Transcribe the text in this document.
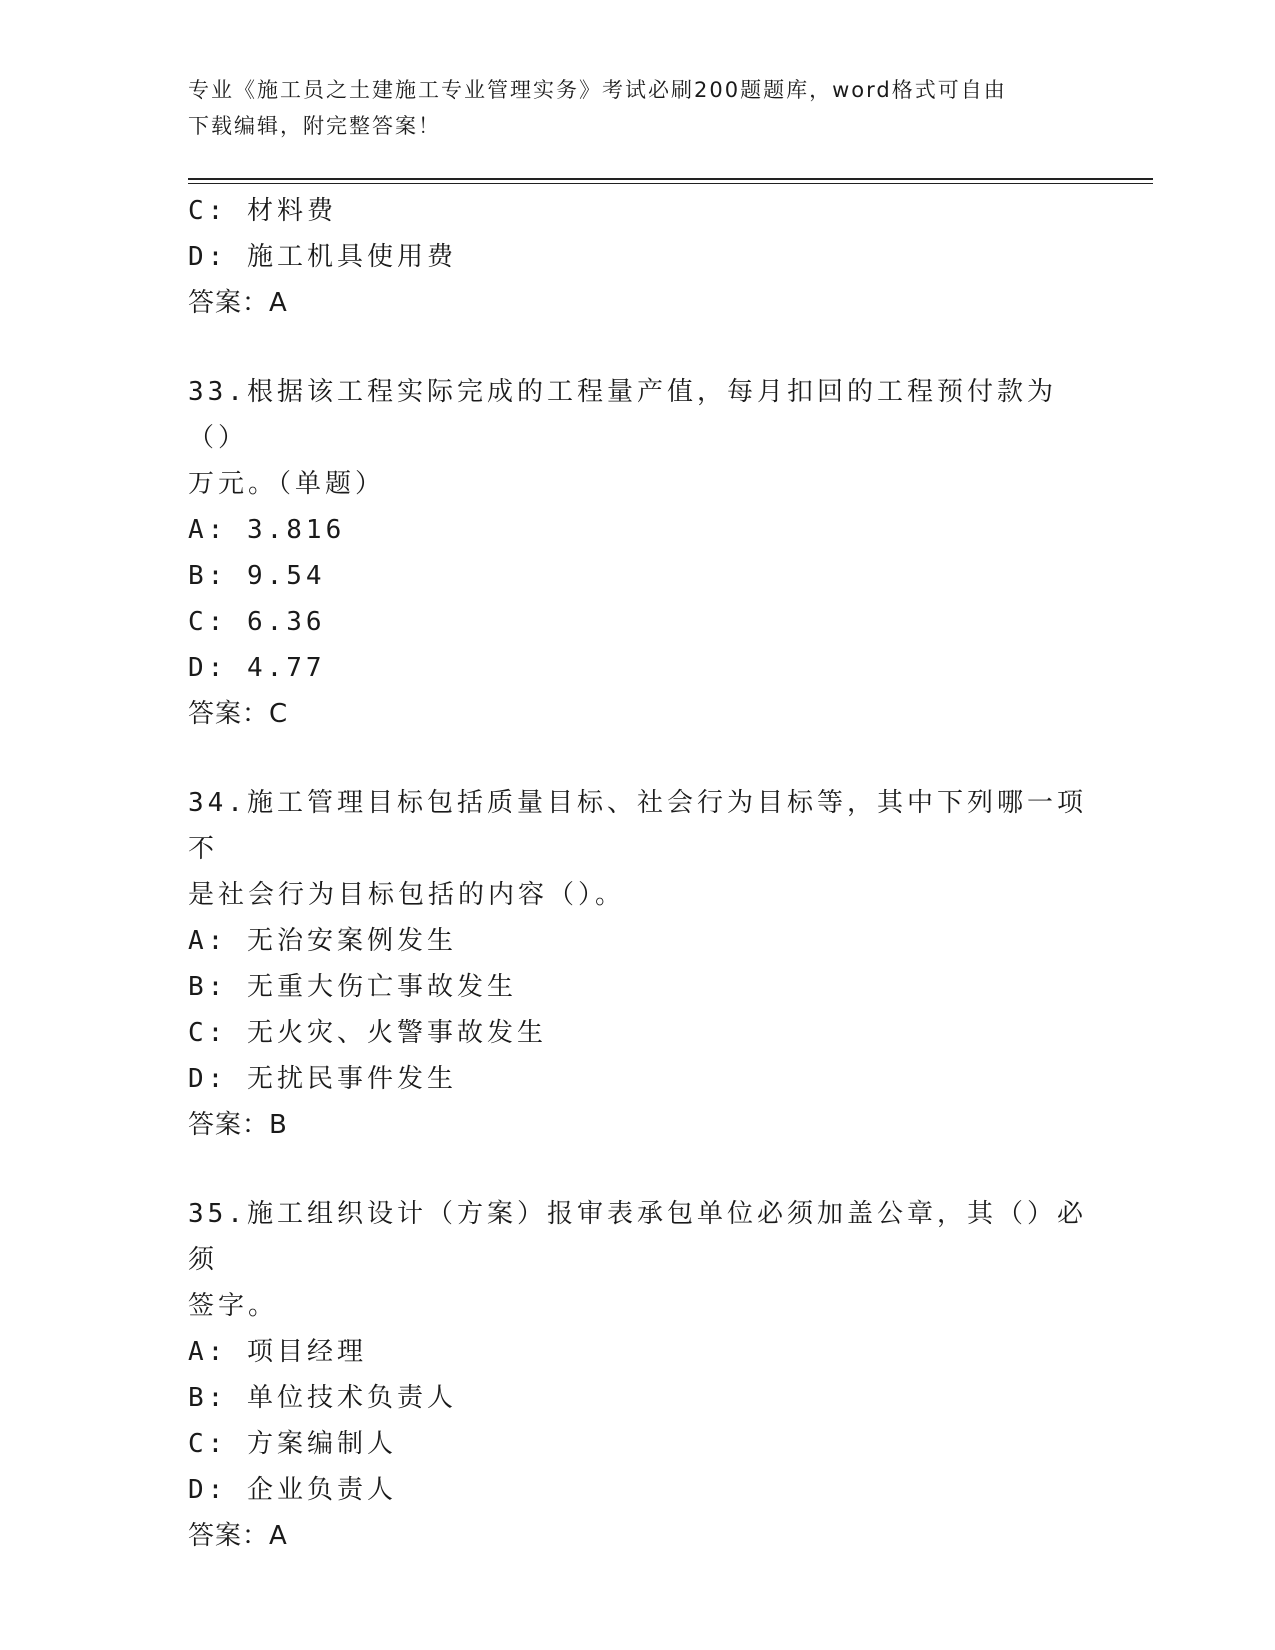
专业《施工员之土建施工专业管理实务》考试必刷200题题库，word格式可自由
下载编辑，附完整答案！
C: 材料费
D: 施工机具使用费
答案：A
33.根据该工程实际完成的工程量产值，每月扣回的工程预付款为（）
万元。（单题）
A: 3.816
B: 9.54
C: 6.36
D: 4.77
答案：C
34.施工管理目标包括质量目标、社会行为目标等，其中下列哪一项不
是社会行为目标包括的内容（）。
A: 无治安案例发生
B: 无重大伤亡事故发生
C: 无火灾、火警事故发生
D: 无扰民事件发生
答案：B
35.施工组织设计（方案）报审表承包单位必须加盖公章，其（）必须
签字。
A: 项目经理
B: 单位技术负责人
C: 方案编制人
D: 企业负责人
答案：A
